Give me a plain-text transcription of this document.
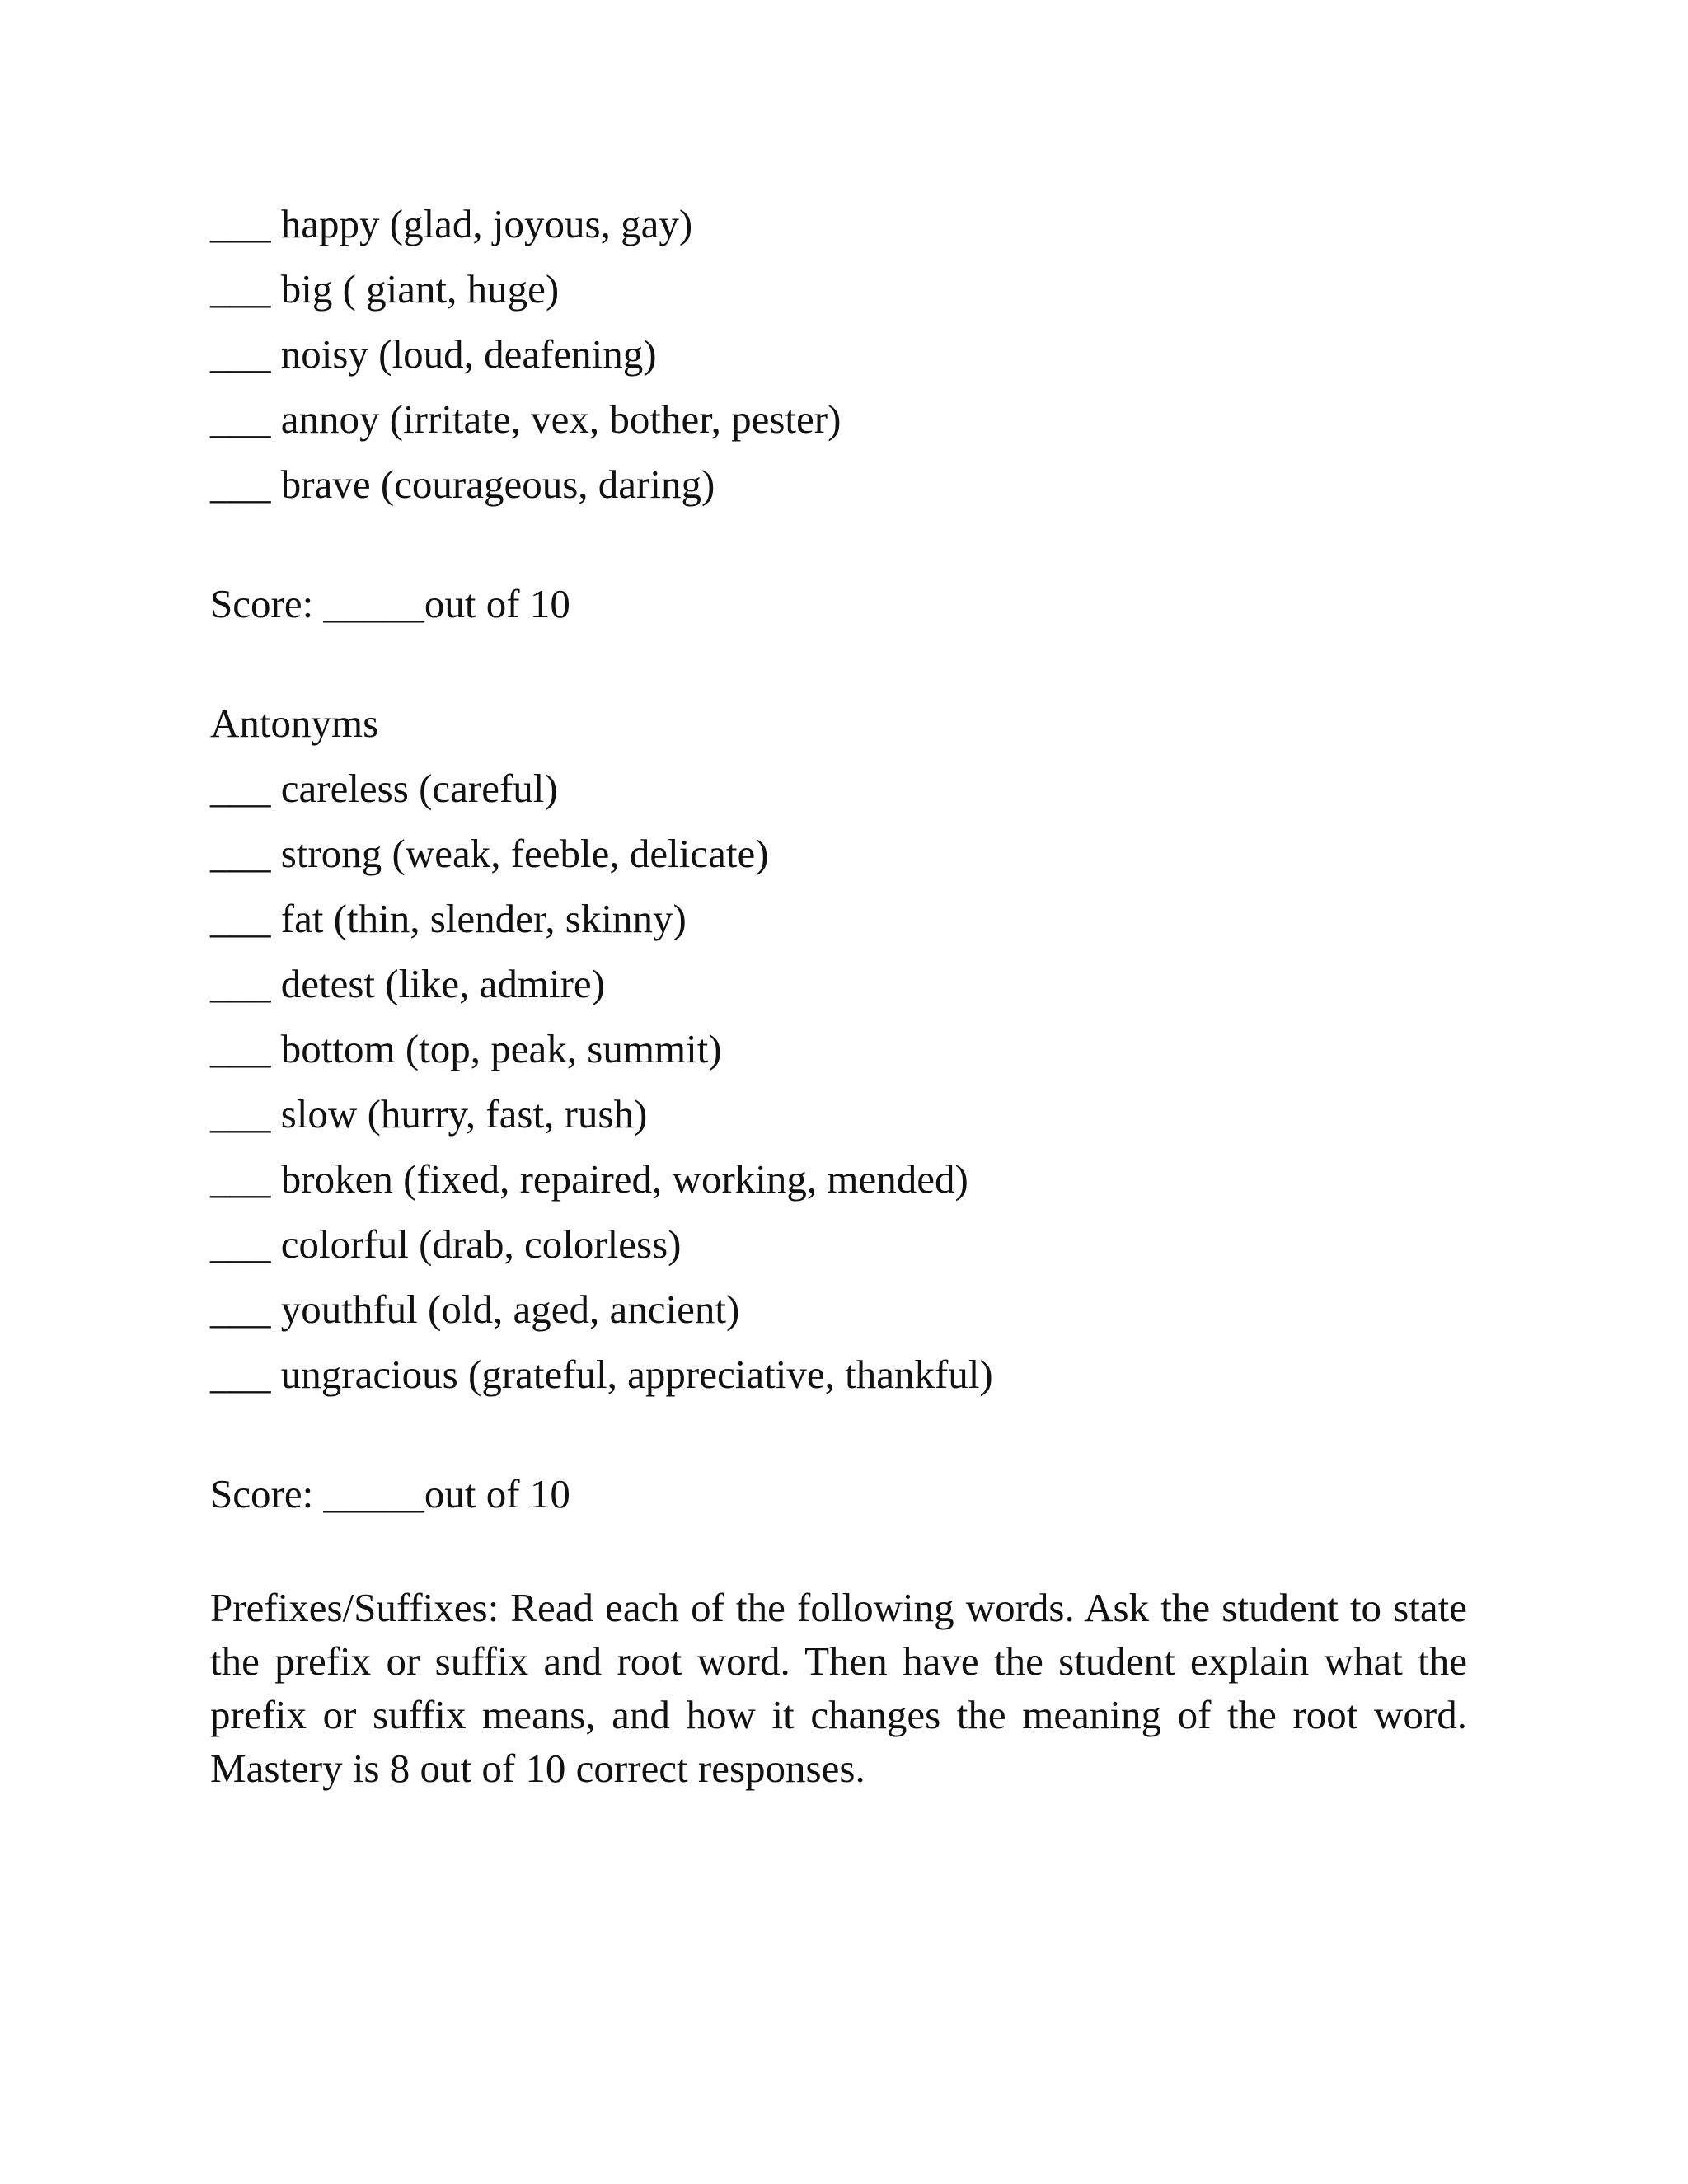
___ happy (glad, joyous, gay)
___ big ( giant, huge)
___ noisy (loud, deafening)
___ annoy (irritate, vex, bother, pester)
___ brave (courageous, daring)
Score: _____out of 10
Antonyms
___ careless (careful)
___ strong (weak, feeble, delicate)
___ fat (thin, slender, skinny)
___ detest (like, admire)
___ bottom (top, peak, summit)
___ slow (hurry, fast, rush)
___ broken (fixed, repaired, working, mended)
___ colorful (drab, colorless)
___ youthful (old, aged, ancient)
___ ungracious (grateful, appreciative, thankful)
Score: _____out of 10
Prefixes/Suffixes: Read each of the following words. Ask the student to state the prefix or suffix and root word. Then have the student explain what the prefix or suffix means, and how it changes the meaning of the root word. Mastery is 8 out of 10 correct responses.
